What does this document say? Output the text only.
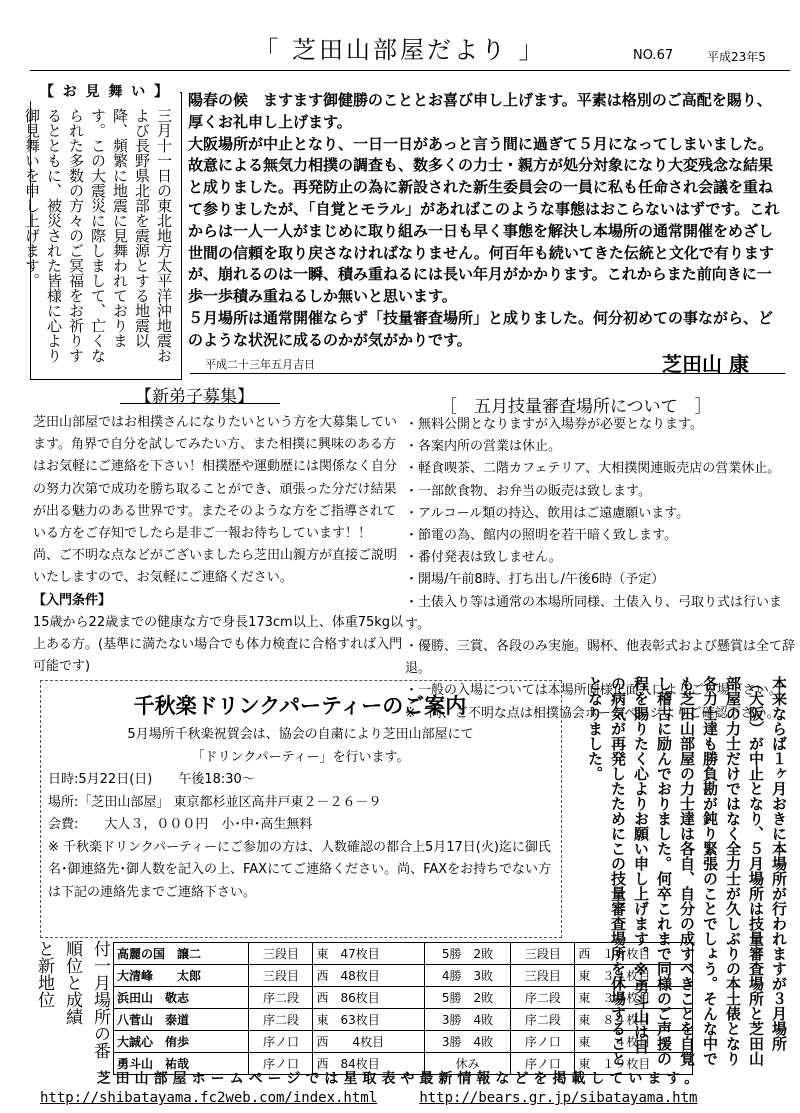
「 芝田山部屋だより 」	NO.67	平成23年5
【 お 見 舞 い 】
三月十一日の東北地方太平洋沖地震および長野県北部を震源とする地震以降、頻繁に地震に見舞われております。この大震災に際しまして、亡くなられた多数の方々のご冥福をお祈りするとともに、被災された皆様に心より御見舞いを申し上げます。

陽春の候　ますます御健勝のこととお喜び申し上げます。平素は格別のご高配を賜り、厚くお礼申し上げます。

大阪場所が中止となり、一日一日があっと言う間に過ぎて５月になってしまいました。故意による無気力相撲の調査も、数多くの力士・親方が処分対象になり大変残念な結果と成りました。再発防止の為に新設された新生委員会の一員に私も任命され会議を重ねて参りましたが、「自覚とモラル」があればこのような事態はおこらないはずです。これからは一人一人がまじめに取り組み一日も早く事態を解決し本場所の通常開催をめざし世間の信頼を取り戻さなければなりません。何百年も続いてきた伝統と文化で有りますが、崩れるのは一瞬、積み重ねるには長い年月がかかります。これからまた前向きに一歩一歩積み重ねるしか無いと思います。

５月場所は通常開催ならず「技量審査場所」と成りました。何分初めての事ながら、どのような状況に成るのかが気がかりです。

平成二十三年五月吉日	芝田山 康
【新弟子募集】

芝田山部屋ではお相撲さんになりたいという方を大募集しています。角界で自分を試してみたい方、また相撲に興味のある方はお気軽にご連絡を下さい！相撲歴や運動歴には関係なく自分の努力次第で成功を勝ち取ることができ、頑張った分だけ結果が出る魅力のある世界です。またそのような方をご指導されている方をご存知でしたら是非ご一報お待ちしています！！

尚、ご不明な点などがございましたら芝田山親方が直接ご説明いたしますので、お気軽にご連絡ください。

【入門条件】

15歳から22歳までの健康な方で身長173cm以上、体重75kg以上ある方。(基準に満たない場合でも体力検査に合格すれば入門可能です)

［　五月技量審査場所について　］

・無料公開となりますが入場券が必要となります。

・各案内所の営業は休止。

・軽食喫茶、二階カフェテリア、大相撲関連販売店の営業休止。

・一部飲食物、お弁当の販売は致します。

・アルコール類の持込、飲用はご遠慮願います。

・節電の為、館内の照明を若干暗く致します。

・番付発表は致しません。

・開場/午前8時、打ち出し/午後6時（予定）

・土俵入り等は通常の本場所同様、土俵入り、弓取り式は行います。

・優勝、三賞、各段のみ実施。賜杯、他表彰式および懸賞は全て辞退。

・一般の入場については本場所同様正面入口よりご入場下さい。

※　尚、ご不明な点は相撲協会ホームページよりご確認下さい。

本来ならば１ヶ月おきに本場所が行われますが３月場所（大阪）が中止となり、５月場所は技量審査場所と芝田山部屋の力士だけではなく全力士が久しぶりの本土俵となり各力士達も勝負勘が鈍り緊張のことでしょう。そんな中でも芝田山部屋の力士達は各自、自分の成すべきことを自覚し稽古に励んでおりました。何卒これまで同様のご声援の程を賜りたく心よりお願い申し上げます。※勇斗山は目の病気が再発したためにこの技量審査場所を休場することとなりました。
千秋楽ドリンクパーティーのご案内

5月場所千秋楽祝賀会は、協会の自粛により芝田山部屋にて

「ドリンクパーティー」を行います。

日時:5月22日(日)　　午後18:30～

場所:「芝田山部屋」 東京都杉並区高井戸東２－２６－９

会費:　　大人３，０００円　小･中･高生無料

※ 千秋楽ドリンクパーティーにご参加の方は、人数確認の都合上5月17日(火)迄に御氏名･御連絡先･御人数を記入の上、FAXにてご連絡ください。尚、FAXをお持ちでない方は下記の連絡先までご連絡下さい。

付一月場所の番
順位と成績
と新地位	高麗の国　譲二	三段目	東　47枚目	5勝　2敗	三段目	西　１８枚目
大清峰　　太郎	三段目	西　48枚目	4勝　3敗	三段目	東　３４枚目
浜田山　敬志	序二段	西　86枚目	5勝　2敗	序二段	東　３４枚目
八菅山　泰道	序二段	東　63枚目	3勝　4敗	序二段	東　８４枚目
大誠心　侑歩	序ノ口	西　　4枚目	3勝　4敗	序ノ口	東　　４枚目
勇斗山　祐哉	序ノ口	西　84枚目	休み	序ノ口	東　１９枚目
芝田山部屋ホームページでは星取表や最新情報などを掲載しています。
http://shibatayama.fc2web.com/index.html	http://bears.gr.jp/sibatayama.htm
